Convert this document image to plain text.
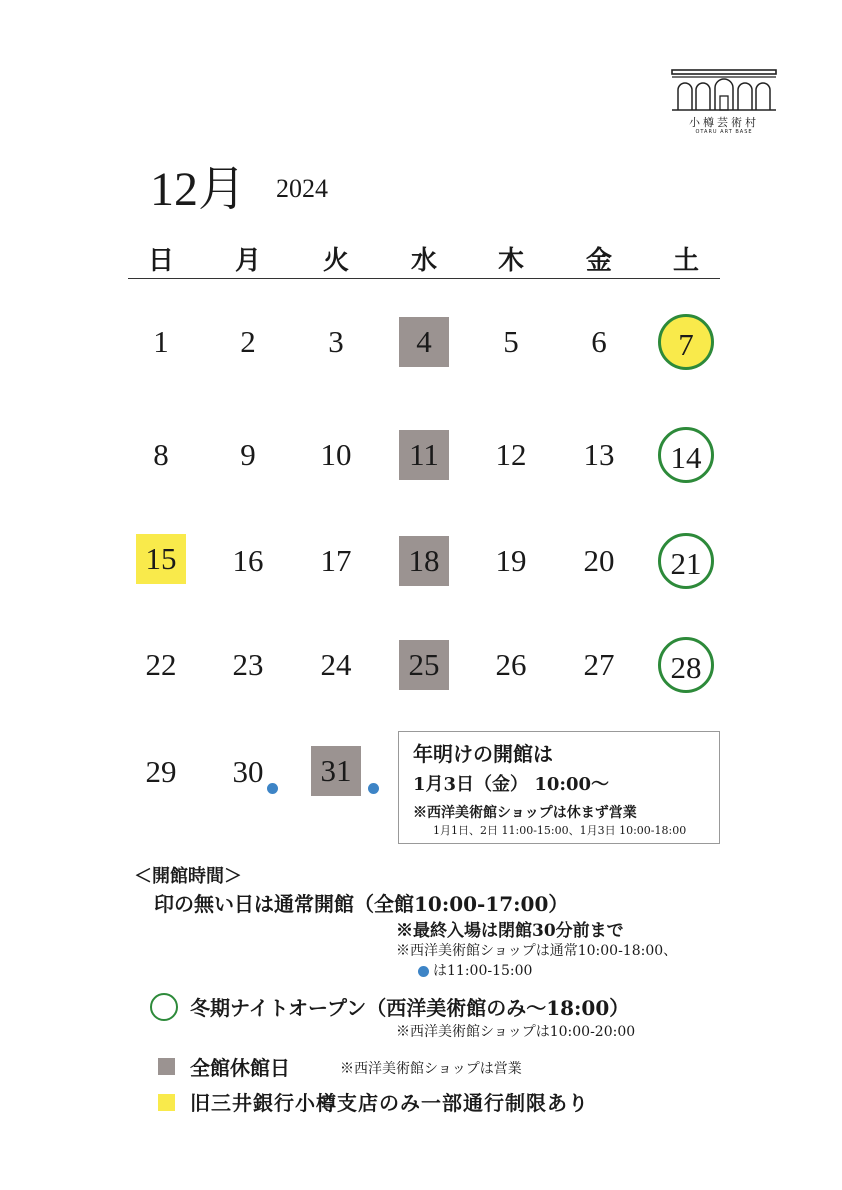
小樽芸術村
OTARU ART BASE
12月 2024
日	月	火	水	木	金	土
1	2	3	4	5	6	7
8	9	10	11	12	13	14
15	16	17	18	19	20	21
22	23	24	25	26	27	28
29	30	31	年明けの開館は
1月3日（金） 10:00～
※西洋美術館ショップは休まず営業
1月1日、2日 11:00-15:00、1月3日 10:00-18:00
＜開館時間＞
印の無い日は通常開館（全館10:00-17:00）
※最終入場は閉館30分前まで
※西洋美術館ショップは通常10:00-18:00、
は11:00-15:00
冬期ナイトオープン（西洋美術館のみ～18:00）
※西洋美術館ショップは10:00-20:00
全館休館日	※西洋美術館ショップは営業
旧三井銀行小樽支店のみ一部通行制限あり
